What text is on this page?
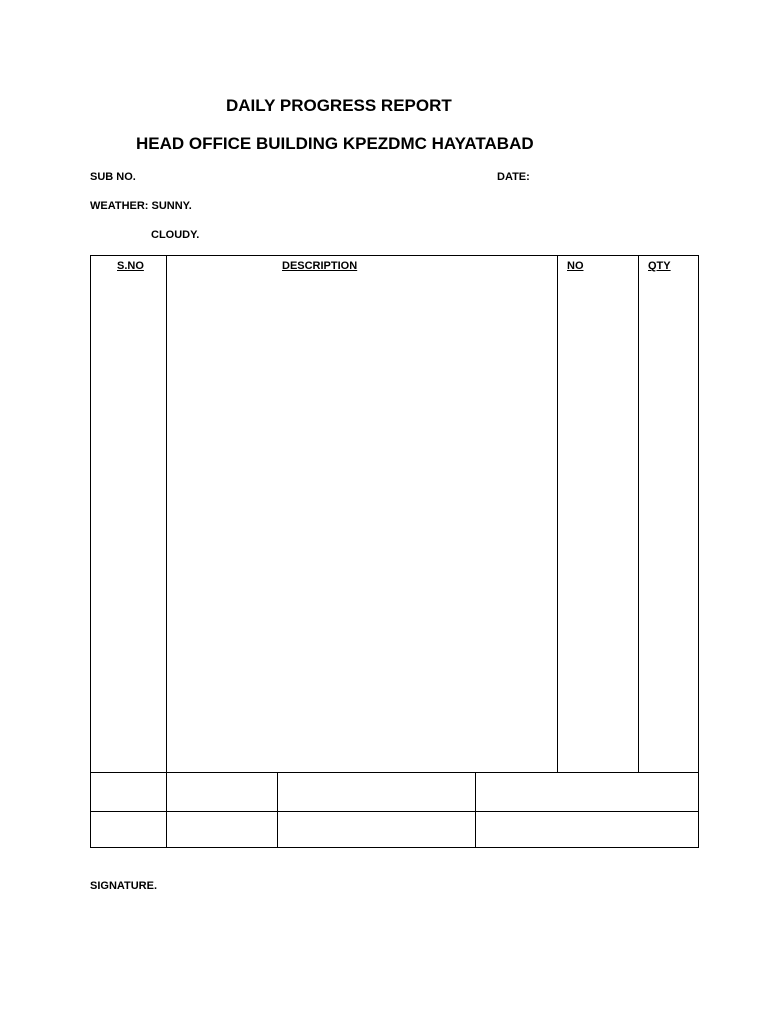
DAILY PROGRESS REPORT
HEAD OFFICE BUILDING KPEZDMC HAYATABAD
SUB NO.	DATE:
WEATHER: SUNNY.
CLOUDY.
S.NO	DESCRIPTION	NO	QTY
SIGNATURE.
